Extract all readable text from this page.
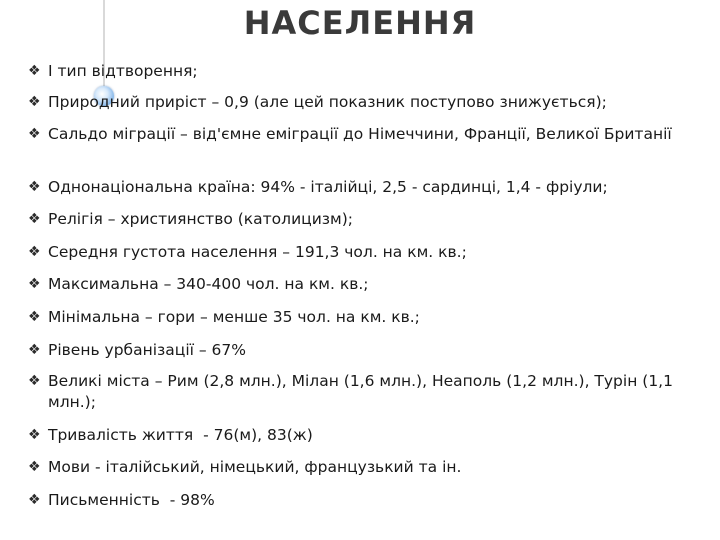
НАСЕЛЕННЯ
❖ І тип відтворення;
❖ Природний приріст – 0,9 (але цей показник поступово знижується);
❖ Сальдо міграції – від'ємне еміграції до Німеччини, Франції, Великої Британії
❖ Однонаціональна країна: 94% - італійці, 2,5 - сардинці, 1,4 - фріули;
❖ Релігія – християнство (католицизм);
❖ Середня густота населення – 191,3 чол. на км. кв.;
❖ Максимальна – 340-400 чол. на км. кв.;
❖ Мінімальна – гори – менше 35 чол. на км. кв.;
❖ Рівень урбанізації – 67%
❖ Великі міста – Рим (2,8 млн.), Мілан (1,6 млн.), Неаполь (1,2 млн.), Турін (1,1 млн.);
❖ Тривалість життя  - 76(м), 83(ж)
❖ Мови - італійський, німецький, французький та ін.
❖ Письменність  - 98%
